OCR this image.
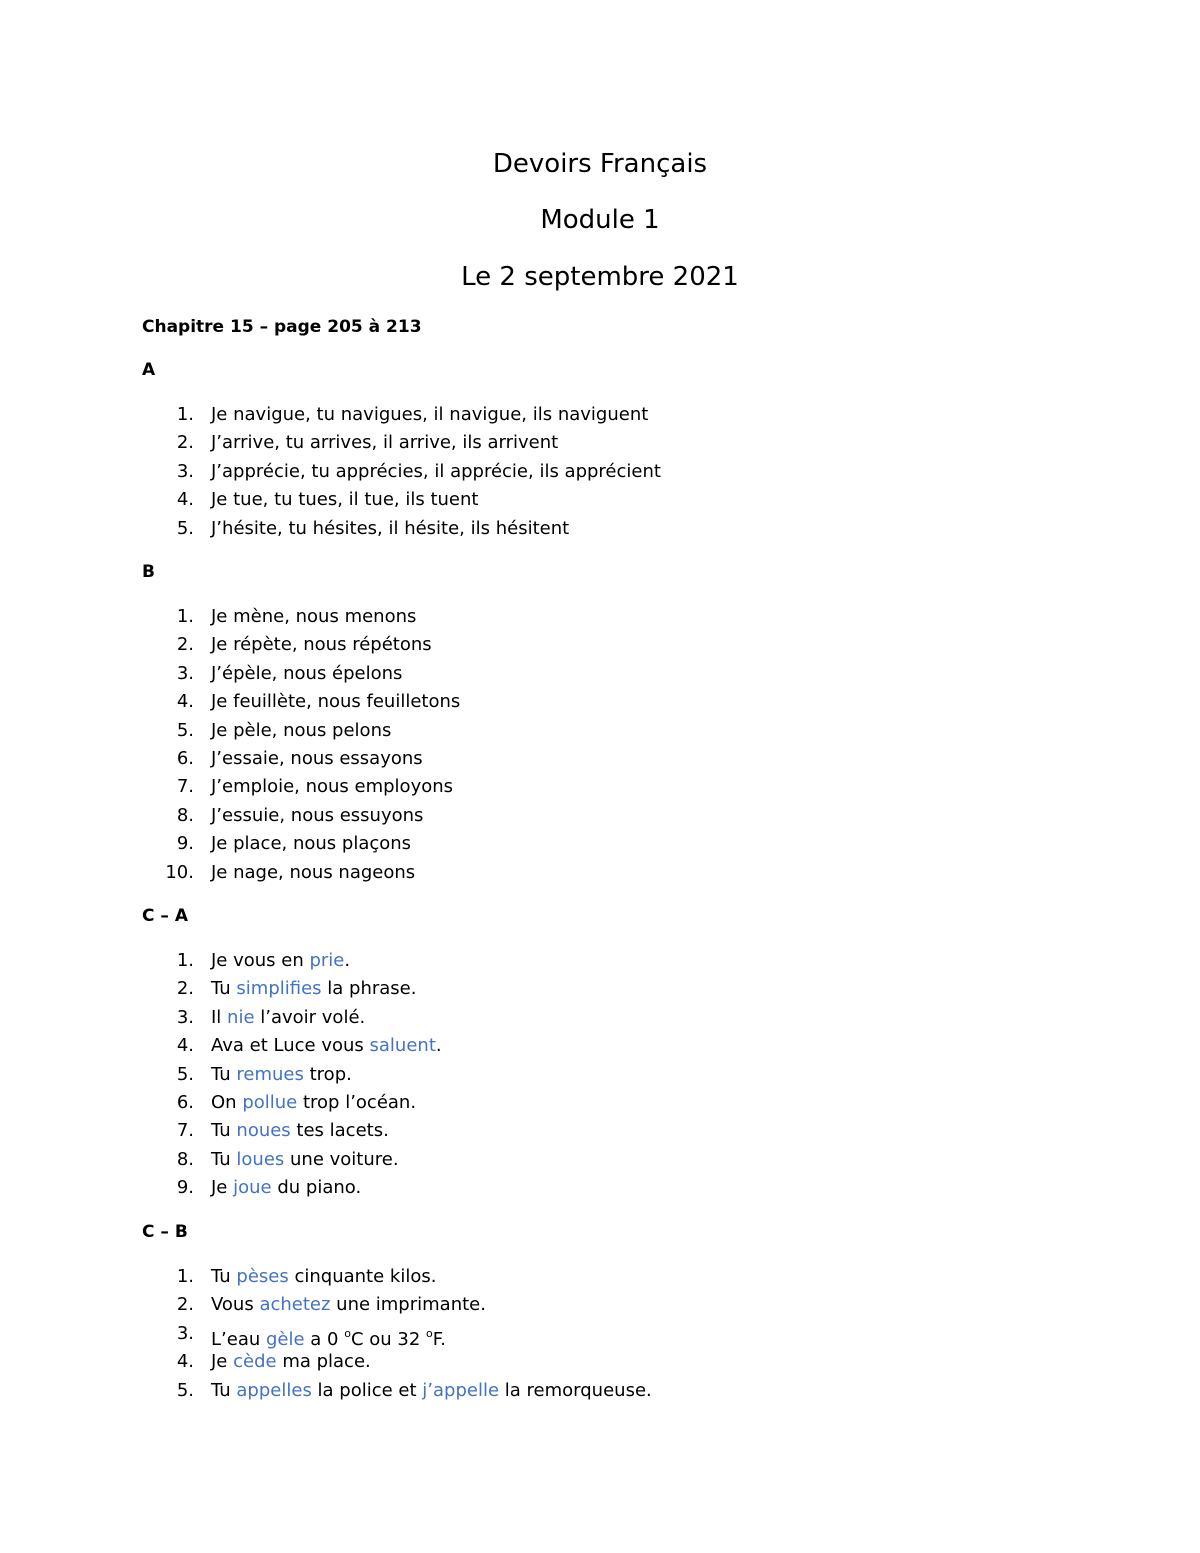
Devoirs Français
Module 1
Le 2 septembre 2021
Chapitre 15 – page 205 à 213
A
1. Je navigue, tu navigues, il navigue, ils naviguent
2. J’arrive, tu arrives, il arrive, ils arrivent
3. J’apprécie, tu apprécies, il apprécie, ils apprécient
4. Je tue, tu tues, il tue, ils tuent
5. J’hésite, tu hésites, il hésite, ils hésitent
B
1. Je mène, nous menons
2. Je répète, nous répétons
3. J’épèle, nous épelons
4. Je feuillète, nous feuilletons
5. Je pèle, nous pelons
6. J’essaie, nous essayons
7. J’emploie, nous employons
8. J’essuie, nous essuyons
9. Je place, nous plaçons
10. Je nage, nous nageons
C – A
1. Je vous en prie.
2. Tu simplifies la phrase.
3. Il nie l’avoir volé.
4. Ava et Luce vous saluent.
5. Tu remues trop.
6. On pollue trop l’océan.
7. Tu noues tes lacets.
8. Tu loues une voiture.
9. Je joue du piano.
C – B
1. Tu pèses cinquante kilos.
2. Vous achetez une imprimante.
3. L’eau gèle a 0 $^o$C ou 32 $^o$F.
4. Je cède ma place.
5. Tu appelles la police et j’appelle la remorqueuse.
